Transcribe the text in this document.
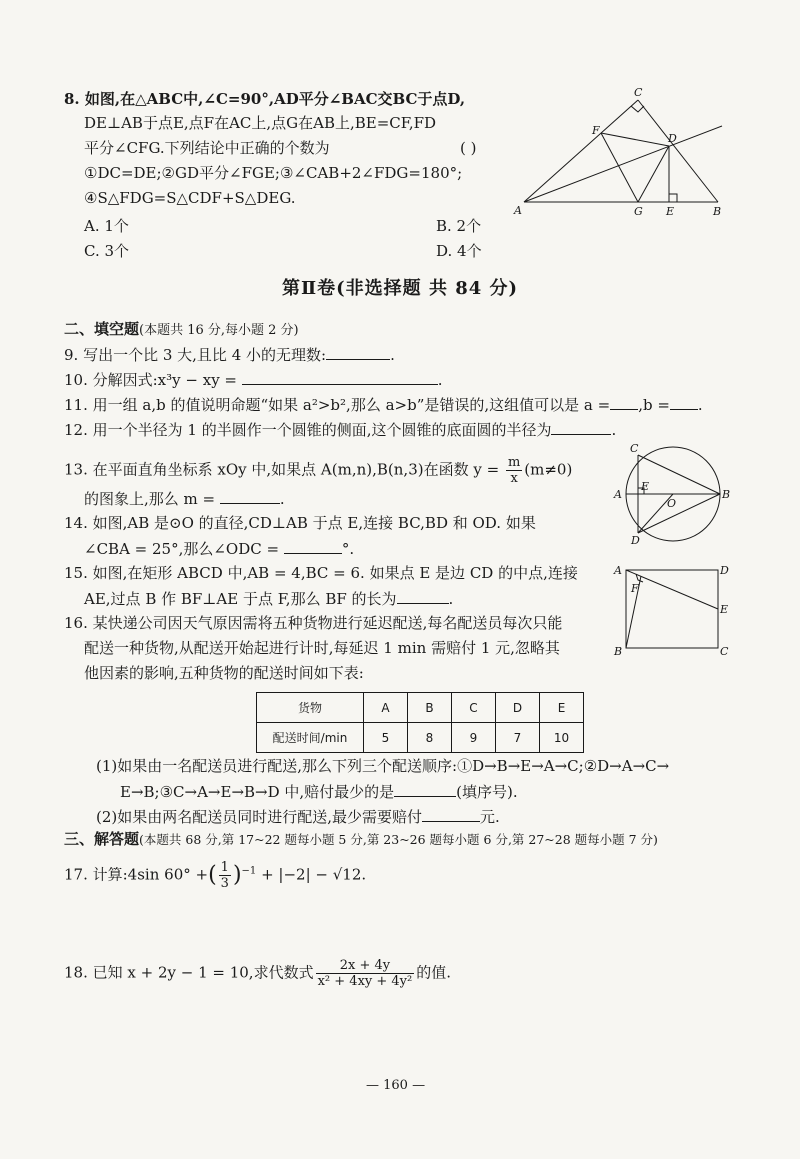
8. 如图,在△ABC中,∠C=90°,AD平分∠BAC交BC于点D,
DE⊥AB于点E,点F在AC上,点G在AB上,BE=CF,FD
平分∠CFG.下列结论中正确的个数为	( )
①DC=DE;②GD平分∠FGE;③∠CAB+2∠FDG=180°;
④S△FDG=S△CDF+S△DEG.
A. 1个	B. 2个
C. 3个	D. 4个
C
F
D
A	G E	B
第Ⅱ卷(非选择题 共 84 分)
二、填空题(本题共 16 分,每小题 2 分)
9. 写出一个比 3 大,且比 4 小的无理数:	.
10. 分解因式:x³y − xy =	.
11. 用一组 a,b 的值说明命题“如果 a²>b²,那么 a>b”是错误的,这组值可以是 a = ,b = .
12. 用一个半径为 1 的半圆作一个圆锥的侧面,这个圆锥的底面圆的半径为	.
13. 在平面直角坐标系 xOy 中,如果点 A(m,n),B(n,3)在函数 $y = \frac{m}{x} (m\ne 0)$
的图象上,那么 m =	.
C
A
E
O
B
D
14. 如图,AB 是⊙O 的直径,CD⊥AB 于点 E,连接 BC,BD 和 OD. 如果
∠CBA = 25°,那么∠ODC =	°.
15. 如图,在矩形 ABCD 中,AB = 4,BC = 6. 如果点 E 是边 CD 的中点,连接
AE,过点 B 作 BF⊥AE 于点 F,那么 BF 的长为	.
A
F
D
E
B	C
16. 某快递公司因天气原因需将五种货物进行延迟配送,每名配送员每次只能
配送一种货物,从配送开始起进行计时,每延迟 1 min 需赔付 1 元,忽略其
他因素的影响,五种货物的配送时间如下表:
货物	A	B	C	D	E
配送时间/min	5	8	9	7	10
(1)如果由一名配送员进行配送,那么下列三个配送顺序:①D→B→E→A→C;②D→A→C→
E→B;③C→A→E→B→D 中,赔付最少的是	(填序号).
(2)如果由两名配送员同时进行配送,最少需要赔付	元.
三、解答题(本题共 68 分,第 17~22 题每小题 5 分,第 23~26 题每小题 6 分,第 27~28 题每小题 7 分)
17. 计算:4sin 60° +( $\frac{1}{3} )^{-1} + |-2| - √12$.
18. 已知 x + 2y − 1 = 10,求代数式 $\frac{2x + 4y}{\text{x² + 4xy + 4y²}}$ 的值.
— 160 —
